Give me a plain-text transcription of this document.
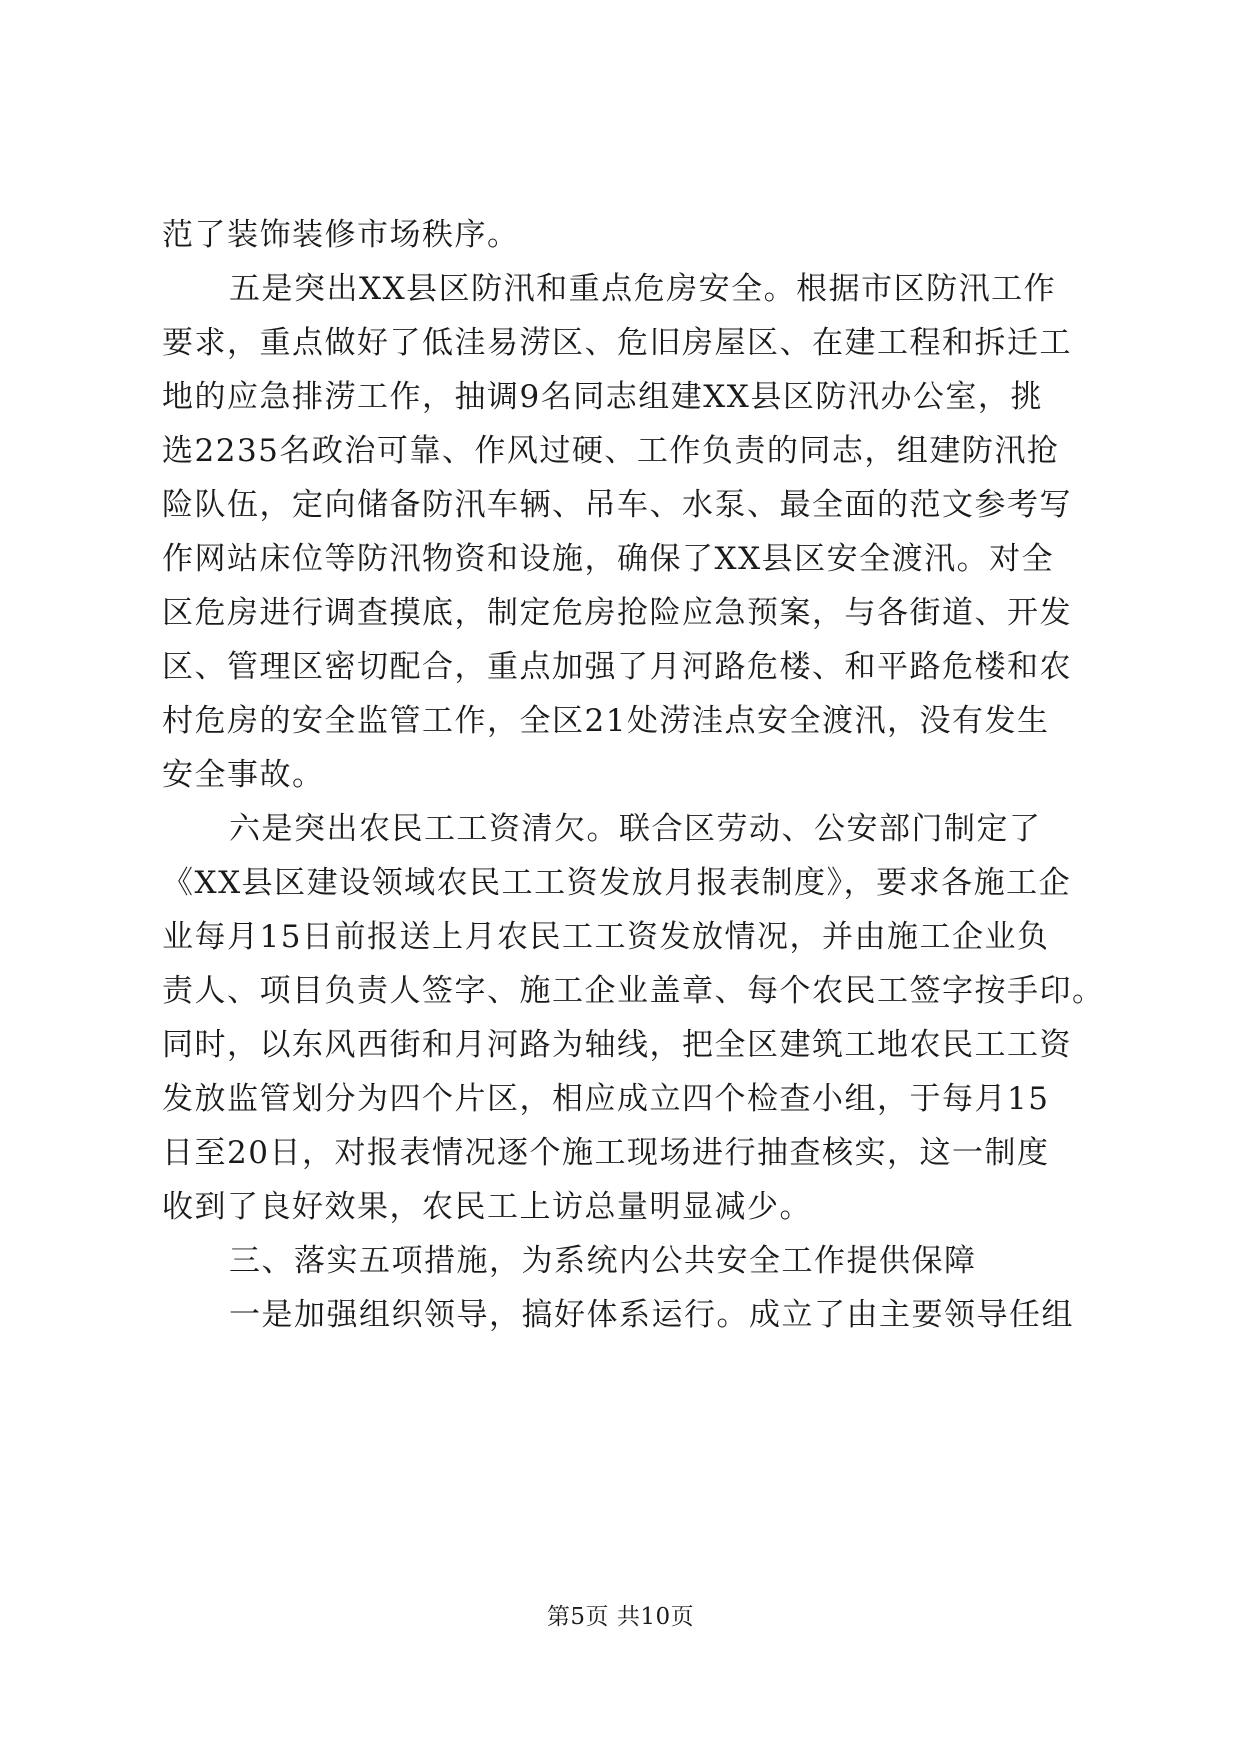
范了装饰装修市场秩序。
五是突出XX县区防汛和重点危房安全。根据市区防汛工作
要求，重点做好了低洼易涝区、危旧房屋区、在建工程和拆迁工
地的应急排涝工作，抽调9名同志组建XX县区防汛办公室，挑
选2235名政治可靠、作风过硬、工作负责的同志，组建防汛抢
险队伍，定向储备防汛车辆、吊车、水泵、最全面的范文参考写
作网站床位等防汛物资和设施，确保了XX县区安全渡汛。对全
区危房进行调查摸底，制定危房抢险应急预案，与各街道、开发
区、管理区密切配合，重点加强了月河路危楼、和平路危楼和农
村危房的安全监管工作，全区21处涝洼点安全渡汛，没有发生
安全事故。
六是突出农民工工资清欠。联合区劳动、公安部门制定了
《XX县区建设领域农民工工资发放月报表制度》，要求各施工企
业每月15日前报送上月农民工工资发放情况，并由施工企业负
责人、项目负责人签字、施工企业盖章、每个农民工签字按手印。
同时，以东风西街和月河路为轴线，把全区建筑工地农民工工资
发放监管划分为四个片区，相应成立四个检查小组，于每月15
日至20日，对报表情况逐个施工现场进行抽查核实，这一制度
收到了良好效果，农民工上访总量明显减少。
三、落实五项措施，为系统内公共安全工作提供保障
一是加强组织领导，搞好体系运行。成立了由主要领导任组
第5页 共10页
